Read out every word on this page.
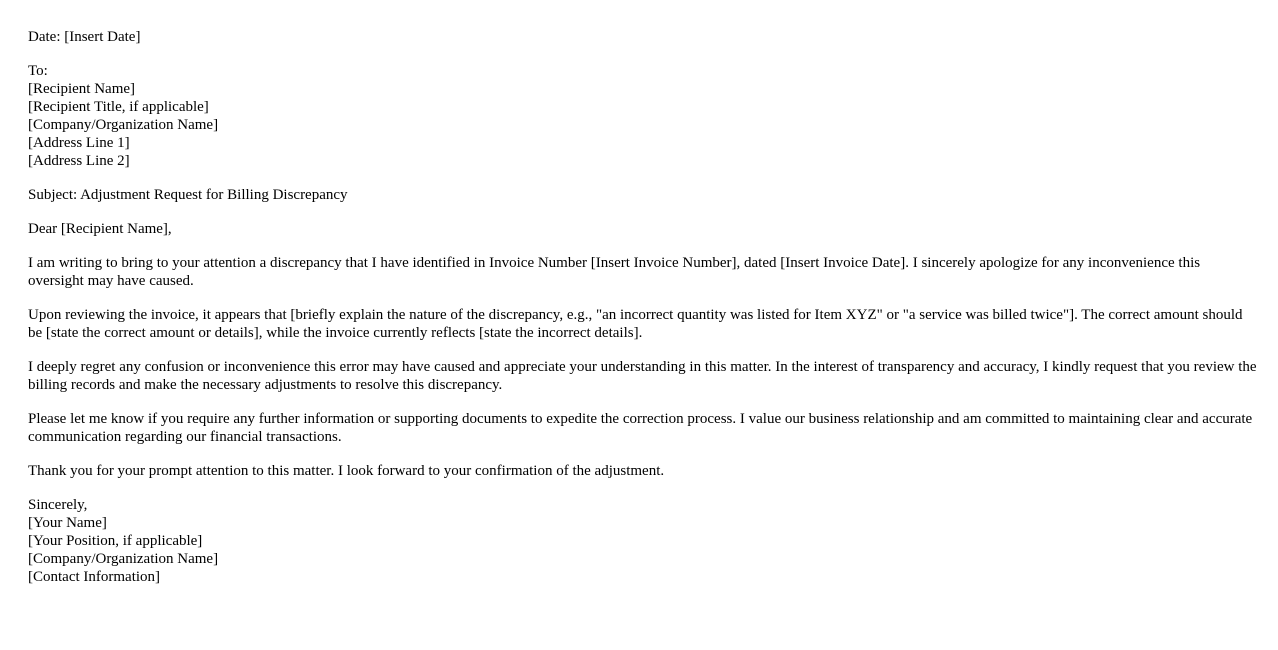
Date: [Insert Date]

To:
[Recipient Name]
[Recipient Title, if applicable]
[Company/Organization Name]
[Address Line 1]
[Address Line 2]

Subject: Adjustment Request for Billing Discrepancy

Dear [Recipient Name],

I am writing to bring to your attention a discrepancy that I have identified in Invoice Number [Insert Invoice Number], dated [Insert Invoice Date]. I sincerely apologize for any inconvenience this oversight may have caused.

Upon reviewing the invoice, it appears that [briefly explain the nature of the discrepancy, e.g., "an incorrect quantity was listed for Item XYZ" or "a service was billed twice"]. The correct amount should be [state the correct amount or details], while the invoice currently reflects [state the incorrect details].

I deeply regret any confusion or inconvenience this error may have caused and appreciate your understanding in this matter. In the interest of transparency and accuracy, I kindly request that you review the billing records and make the necessary adjustments to resolve this discrepancy.

Please let me know if you require any further information or supporting documents to expedite the correction process. I value our business relationship and am committed to maintaining clear and accurate communication regarding our financial transactions.

Thank you for your prompt attention to this matter. I look forward to your confirmation of the adjustment.

Sincerely,
[Your Name]
[Your Position, if applicable]
[Company/Organization Name]
[Contact Information]
